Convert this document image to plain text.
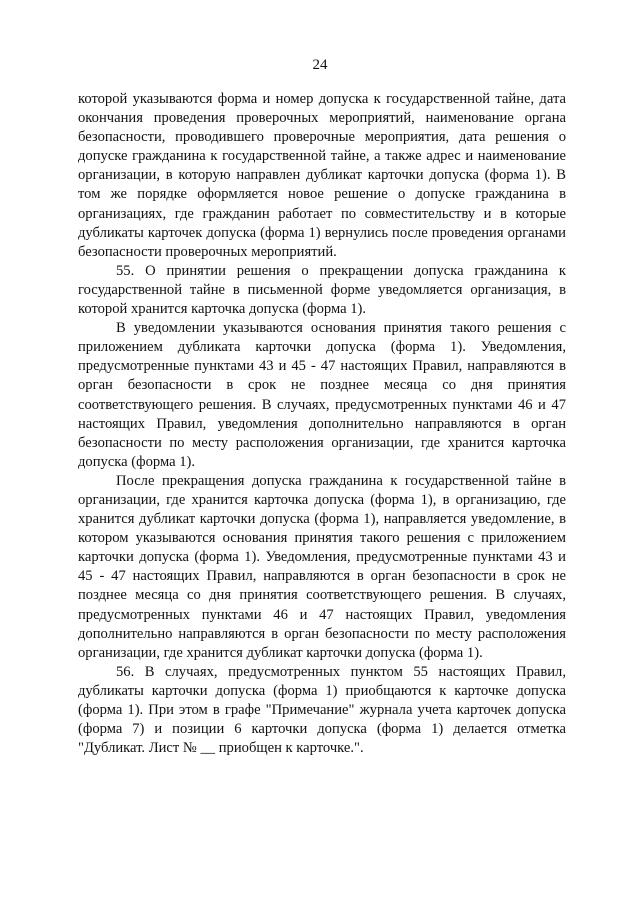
24

которой указываются форма и номер допуска к государственной тайне, дата окончания проведения проверочных мероприятий, наименование органа безопасности, проводившего проверочные мероприятия, дата решения о допуске гражданина к государственной тайне, а также адрес и наименование организации, в которую направлен дубликат карточки допуска (форма 1). В том же порядке оформляется новое решение о допуске гражданина в организациях, где гражданин работает по совместительству и в которые дубликаты карточек допуска (форма 1) вернулись после проведения органами безопасности проверочных мероприятий.

55. О принятии решения о прекращении допуска гражданина к государственной тайне в письменной форме уведомляется организация, в которой хранится карточка допуска (форма 1).

В уведомлении указываются основания принятия такого решения с приложением дубликата карточки допуска (форма 1). Уведомления, предусмотренные пунктами 43 и 45 - 47 настоящих Правил, направляются в орган безопасности в срок не позднее месяца со дня принятия соответствующего решения. В случаях, предусмотренных пунктами 46 и 47 настоящих Правил, уведомления дополнительно направляются в орган безопасности по месту расположения организации, где хранится карточка допуска (форма 1).

После прекращения допуска гражданина к государственной тайне в организации, где хранится карточка допуска (форма 1), в организацию, где хранится дубликат карточки допуска (форма 1), направляется уведомление, в котором указываются основания принятия такого решения с приложением карточки допуска (форма 1). Уведомления, предусмотренные пунктами 43 и 45 - 47 настоящих Правил, направляются в орган безопасности в срок не позднее месяца со дня принятия соответствующего решения. В случаях, предусмотренных пунктами 46 и 47 настоящих Правил, уведомления дополнительно направляются в орган безопасности по месту расположения организации, где хранится дубликат карточки допуска (форма 1).

56. В случаях, предусмотренных пунктом 55 настоящих Правил, дубликаты карточки допуска (форма 1) приобщаются к карточке допуска (форма 1). При этом в графе "Примечание" журнала учета карточек допуска (форма 7) и позиции 6 карточки допуска (форма 1) делается отметка "Дубликат. Лист № __ приобщен к карточке.".
